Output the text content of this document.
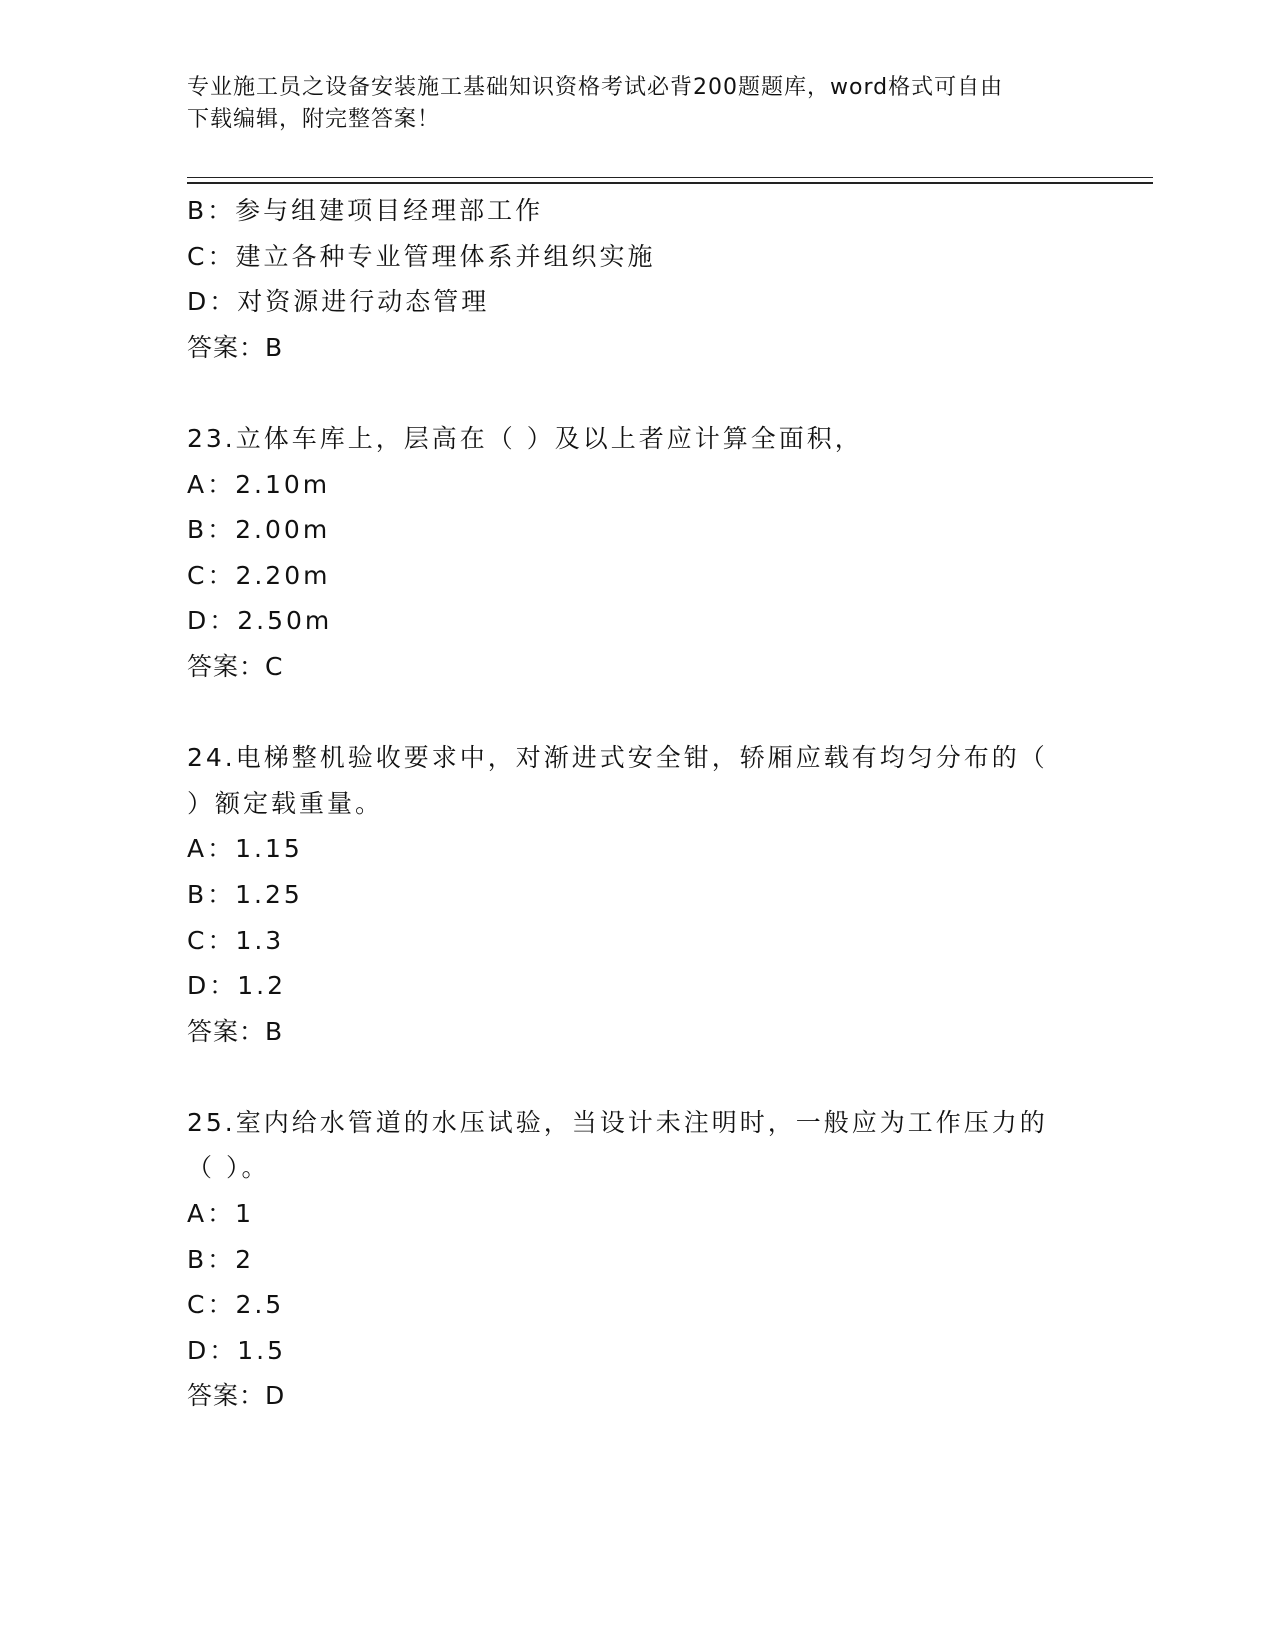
专业施工员之设备安装施工基础知识资格考试必背200题题库，word格式可自由
下载编辑，附完整答案！
B：参与组建项目经理部工作
C：建立各种专业管理体系并组织实施
D：对资源进行动态管理
答案：B
23.立体车库上，层高在（ ）及以上者应计算全面积，
A：2.10m
B：2.00m
C：2.20m
D：2.50m
答案：C
24.电梯整机验收要求中，对渐进式安全钳，轿厢应载有均匀分布的（
）额定载重量。
A：1.15
B：1.25
C：1.3
D：1.2
答案：B
25.室内给水管道的水压试验，当设计未注明时，一般应为工作压力的
（ ）。
A：1
B：2
C：2.5
D：1.5
答案：D
